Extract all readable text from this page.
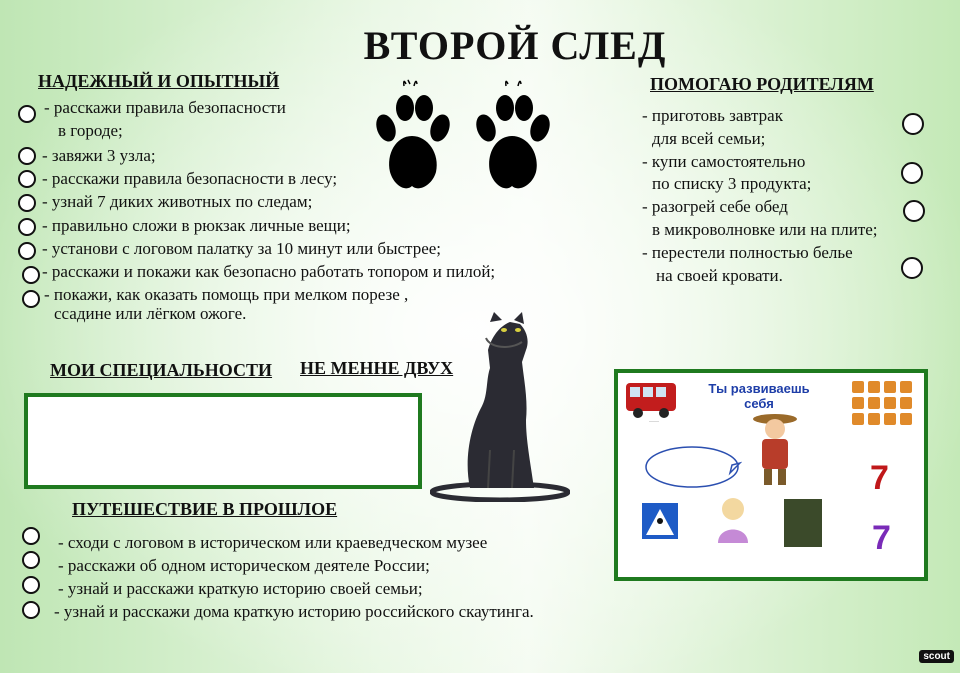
ВТОРОЙ СЛЕД
НАДЕЖНЫЙ И ОПЫТНЫЙ
- расскажи правила безопасности
в городе;
- завяжи 3 узла;
- расскажи правила безопасности в лесу;
- узнай 7 диких животных по следам;
- правильно сложи в рюкзак личные вещи;
- установи с логовом палатку за 10 минут или быстрее;
- расскажи и покажи как безопасно работать топором и пилой;
- покажи, как оказать помощь при мелком порезе ,
ссадине или лёгком ожоге.
ПОМОГАЮ РОДИТЕЛЯМ
- приготовь завтрак
для всей семьи;
- купи самостоятельно
по списку 3 продукта;
- разогрей себе обед
в микроволновке или на плите;
- перестели полностью белье
на своей кровати.
МОИ СПЕЦИАЛЬНОСТИ НЕ МЕННЕ ДВУХ
·····
Ты развиваешь
себя
7
7
ПУТЕШЕСТВИЕ В ПРОШЛОЕ
- сходи с логовом в историческом или краеведческом музее
- расскажи об одном историческом деятеле России;
- узнай и расскажи краткую историю своей семьи;
- узнай и расскажи дома краткую историю российского скаутинга.
scout
